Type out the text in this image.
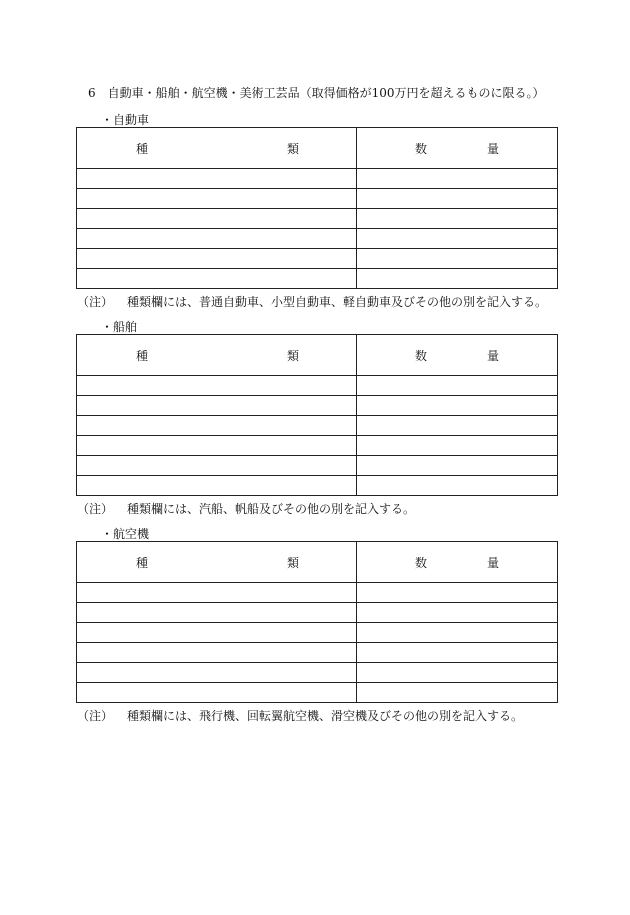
6　自動車・船舶・航空機・美術工芸品（取得価格が100万円を超えるものに限る。）
・自動車
種 類	数 量

（注） 種類欄には、普通自動車、小型自動車、軽自動車及びその他の別を記入する。
・船舶
種 類	数 量

（注） 種類欄には、汽船、帆船及びその他の別を記入する。
・航空機
種 類	数 量

（注） 種類欄には、飛行機、回転翼航空機、滑空機及びその他の別を記入する。
